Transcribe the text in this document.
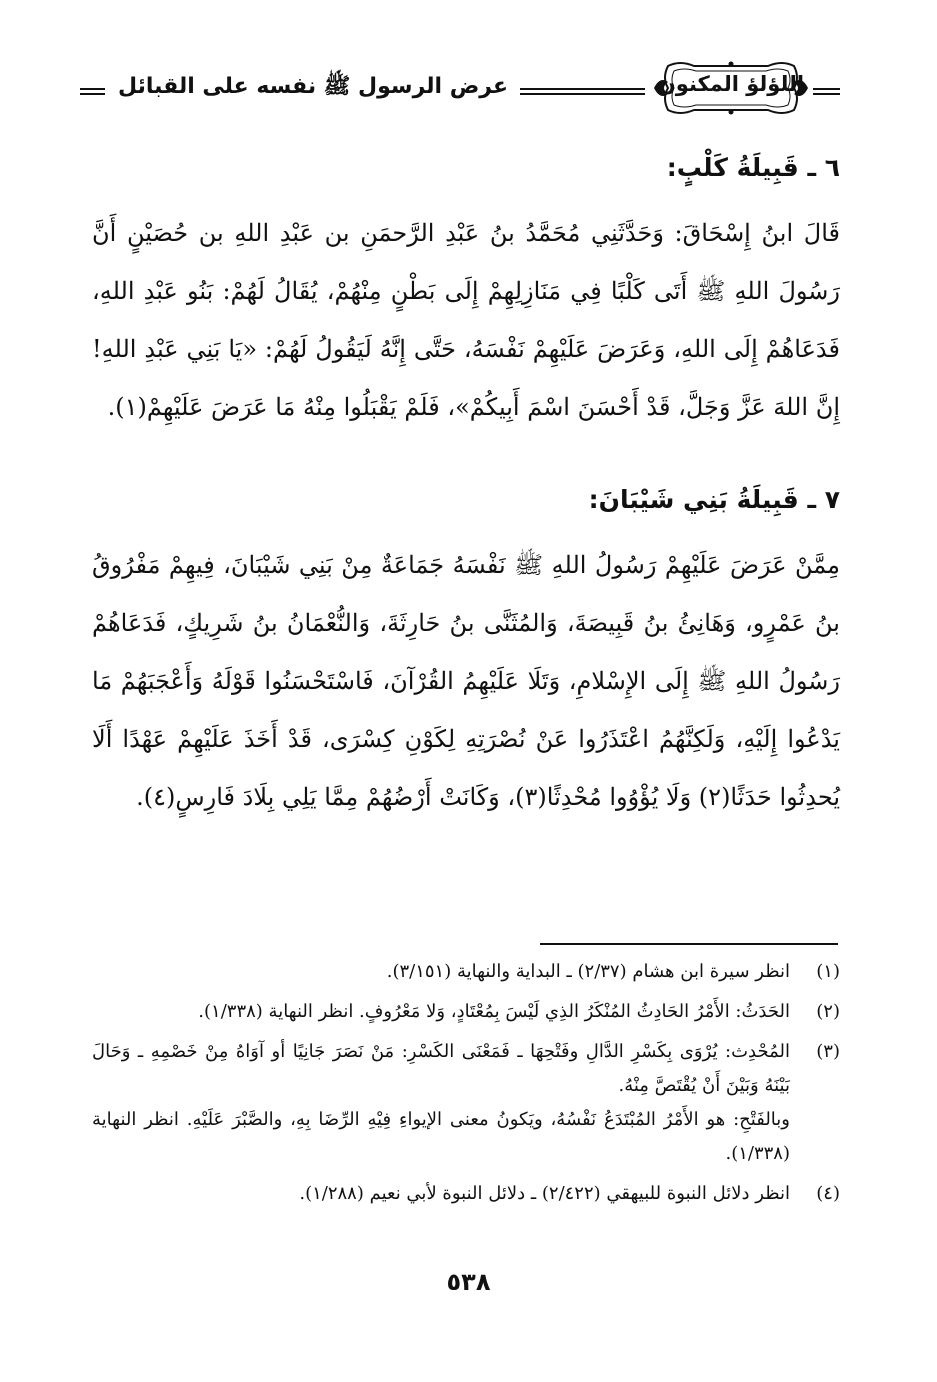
عرض الرسول ﷺ نفسه على القبائل	اللؤلؤ المكنون
٦ ـ قَبِيلَةُ كَلْبٍ:

قَالَ ابنُ إِسْحَاقَ: وَحَدَّثَنِي مُحَمَّدُ بنُ عَبْدِ الرَّحمَنِ بن عَبْدِ اللهِ بن حُصَيْنٍ أَنَّ رَسُولَ اللهِ ﷺ أَتَى كَلْبًا فِي مَنَازِلِهِمْ إِلَى بَطْنٍ مِنْهُمْ، يُقَالُ لَهُمْ: بَنُو عَبْدِ اللهِ، فَدَعَاهُمْ إِلَى اللهِ، وَعَرَضَ عَلَيْهِمْ نَفْسَهُ، حَتَّى إِنَّهُ لَيَقُولُ لَهُمْ: «يَا بَنِي عَبْدِ اللهِ! إِنَّ اللهَ عَزَّ وَجَلَّ، قَدْ أَحْسَنَ اسْمَ أَبِيكُمْ»، فَلَمْ يَقْبَلُوا مِنْهُ مَا عَرَضَ عَلَيْهِمْ(١).

٧ ـ قَبِيلَةُ بَنِي شَيْبَانَ:

مِمَّنْ عَرَضَ عَلَيْهِمْ رَسُولُ اللهِ ﷺ نَفْسَهُ جَمَاعَةٌ مِنْ بَنِي شَيْبَانَ، فِيهِمْ مَفْرُوقُ بنُ عَمْرٍو، وَهَانِئُ بنُ قَبِيصَةَ، وَالمُثَنَّى بنُ حَارِثَةَ، وَالنُّعْمَانُ بنُ شَرِيكٍ، فَدَعَاهُمْ رَسُولُ اللهِ ﷺ إِلَى الإِسْلامِ، وَتَلَا عَلَيْهِمُ القُرْآنَ، فَاسْتَحْسَنُوا قَوْلَهُ وَأَعْجَبَهُمْ مَا يَدْعُوا إِلَيْهِ، وَلَكِنَّهُمُ اعْتَذَرُوا عَنْ نُصْرَتِهِ لِكَوْنِ كِسْرَى، قَدْ أَخَذَ عَلَيْهِمْ عَهْدًا أَلَا يُحدِثُوا حَدَثًا(٢) وَلَا يُؤْوُوا مُحْدِثًا(٣)، وَكَانَتْ أَرْضُهُمْ مِمَّا يَلِي بِلَادَ فَارِسٍ(٤).

(١)
انظر سيرة ابن هشام (٢/٣٧) ـ البداية والنهاية (٣/١٥١).
(٢)
الحَدَثُ: الأَمْرُ الحَادِثُ المُنْكَرُ الذِي لَيْسَ بِمُعْتَادٍ، وَلا مَعْرُوفٍ. انظر النهاية (١/٣٣٨).
(٣)
المُحْدِث: يُرْوَى بِكَسْرِ الدَّالِ وفَتْحِهَا ـ فَمَعْنَى الكَسْرِ: مَنْ نَصَرَ جَانِيًا أو آوَاهُ مِنْ خَصْمِهِ ـ وَحَالَ بَيْنَهُ وَبَيْنَ أَنْ يُقْتَصَّ مِنْهُ.
وبالفَتْحِ: هو الأَمْرُ المُبْتَدَعُ نَفْسُهُ، ويَكونُ معنى الإيواءِ فِيْهِ الرِّضَا بِهِ، والصَّبْرَ عَلَيْهِ. انظر النهاية (١/٣٣٨).
(٤)
انظر دلائل النبوة للبيهقي (٢/٤٢٢) ـ دلائل النبوة لأبي نعيم (١/٢٨٨).
٥٣٨
